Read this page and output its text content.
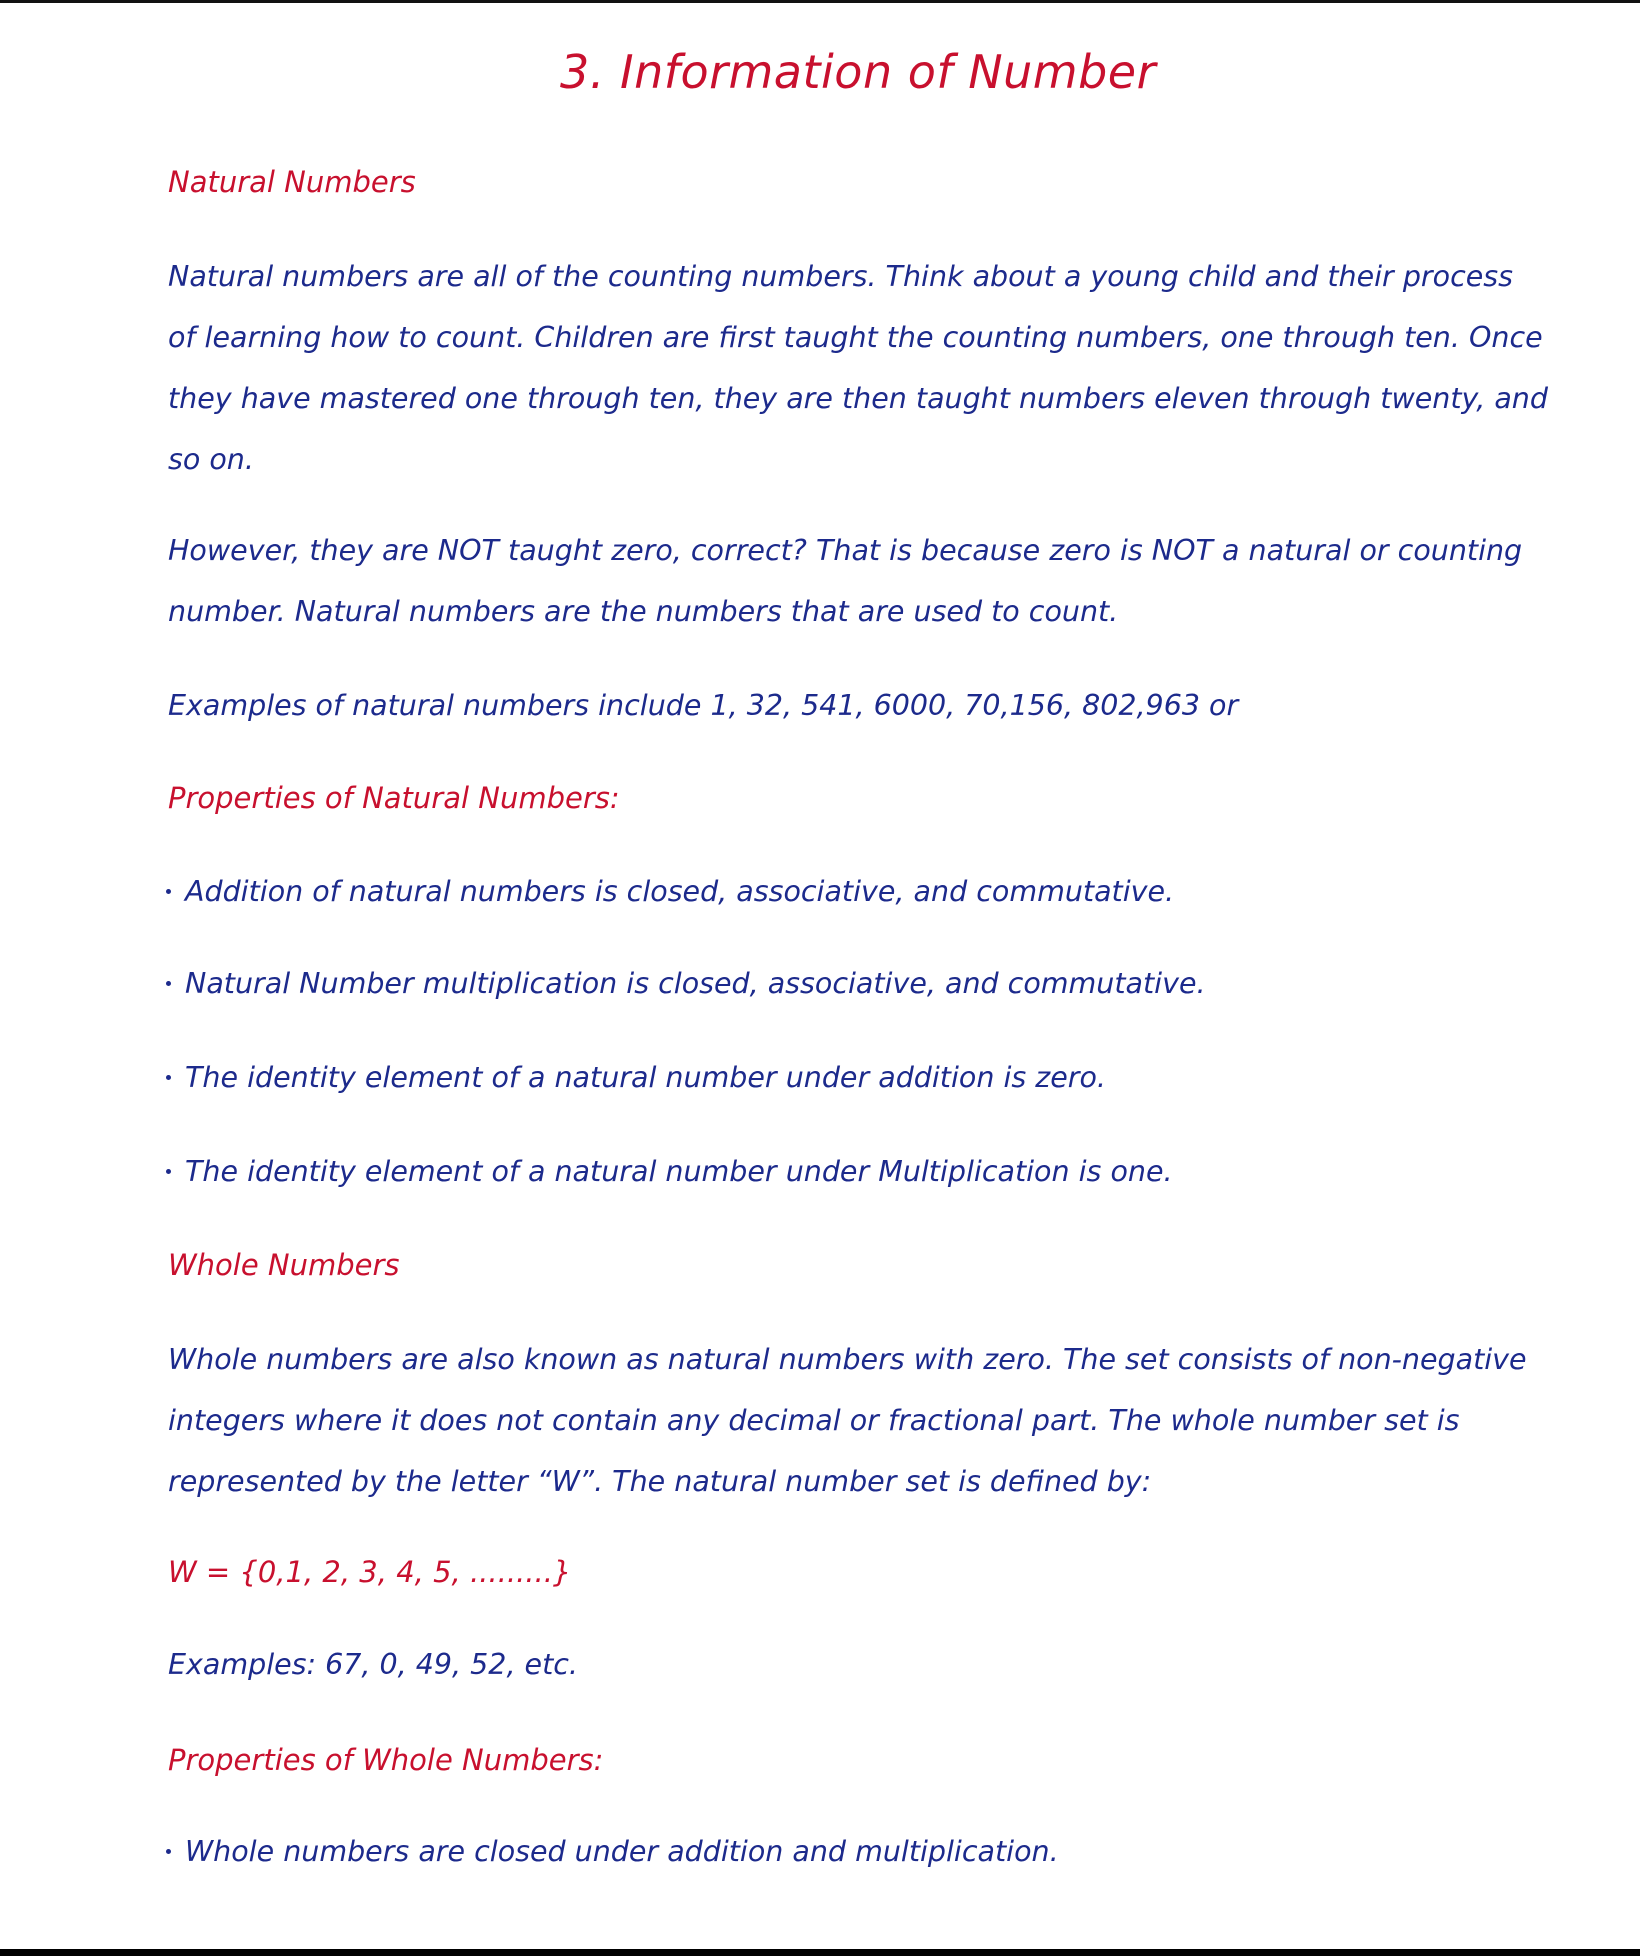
3. Information of Number
Natural Numbers
Natural numbers are all of the counting numbers. Think about a young child and their process of learning how to count. Children are first taught the counting numbers, one through ten. Once they have mastered one through ten, they are then taught numbers eleven through twenty, and so on.
However, they are NOT taught zero, correct? That is because zero is NOT a natural or counting number. Natural numbers are the numbers that are used to count.
Examples of natural numbers include 1, 32, 541, 6000, 70,156, 802,963 or
Properties of Natural Numbers:
Addition of natural numbers is closed, associative, and commutative.
Natural Number multiplication is closed, associative, and commutative.
The identity element of a natural number under addition is zero.
The identity element of a natural number under Multiplication is one.
Whole Numbers
Whole numbers are also known as natural numbers with zero. The set consists of non-negative integers where it does not contain any decimal or fractional part. The whole number set is represented by the letter “W”. The natural number set is defined by:
W = {0,1, 2, 3, 4, 5, .........}
Examples: 67, 0, 49, 52, etc.
Properties of Whole Numbers:
Whole numbers are closed under addition and multiplication.
